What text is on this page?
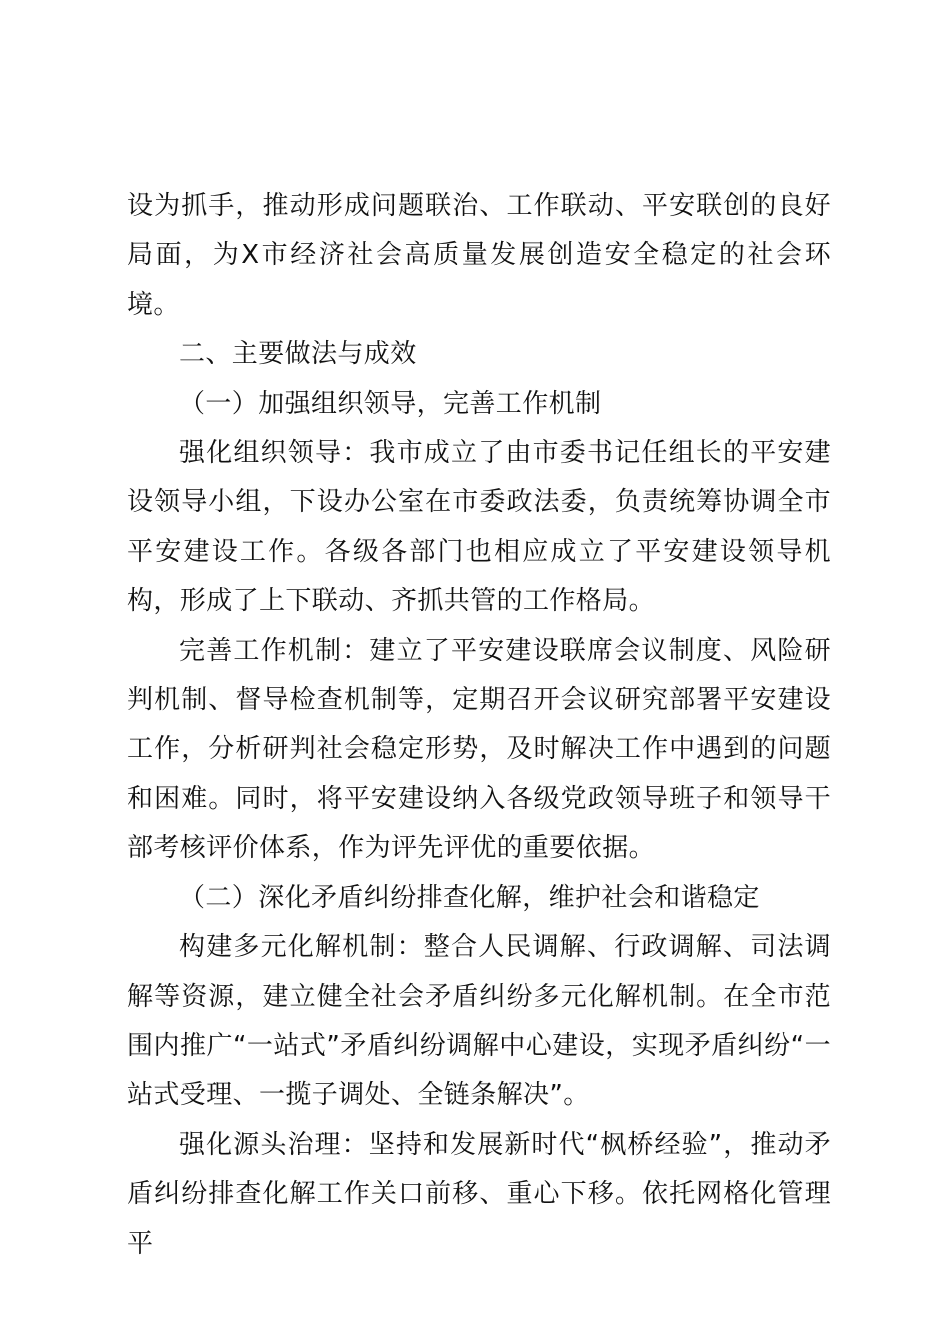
设为抓手，推动形成问题联治、工作联动、平安联创的良好局面，为X市经济社会高质量发展创造安全稳定的社会环境。

二、主要做法与成效

（一）加强组织领导，完善工作机制

强化组织领导：我市成立了由市委书记任组长的平安建设领导小组，下设办公室在市委政法委，负责统筹协调全市平安建设工作。各级各部门也相应成立了平安建设领导机构，形成了上下联动、齐抓共管的工作格局。

完善工作机制：建立了平安建设联席会议制度、风险研判机制、督导检查机制等，定期召开会议研究部署平安建设工作，分析研判社会稳定形势，及时解决工作中遇到的问题和困难。同时，将平安建设纳入各级党政领导班子和领导干部考核评价体系，作为评先评优的重要依据。

（二）深化矛盾纠纷排查化解，维护社会和谐稳定

构建多元化解机制：整合人民调解、行政调解、司法调解等资源，建立健全社会矛盾纠纷多元化解机制。在全市范围内推广“一站式”矛盾纠纷调解中心建设，实现矛盾纠纷“一站式受理、一揽子调处、全链条解决”。

强化源头治理：坚持和发展新时代“枫桥经验”，推动矛盾纠纷排查化解工作关口前移、重心下移。依托网格化管理平
